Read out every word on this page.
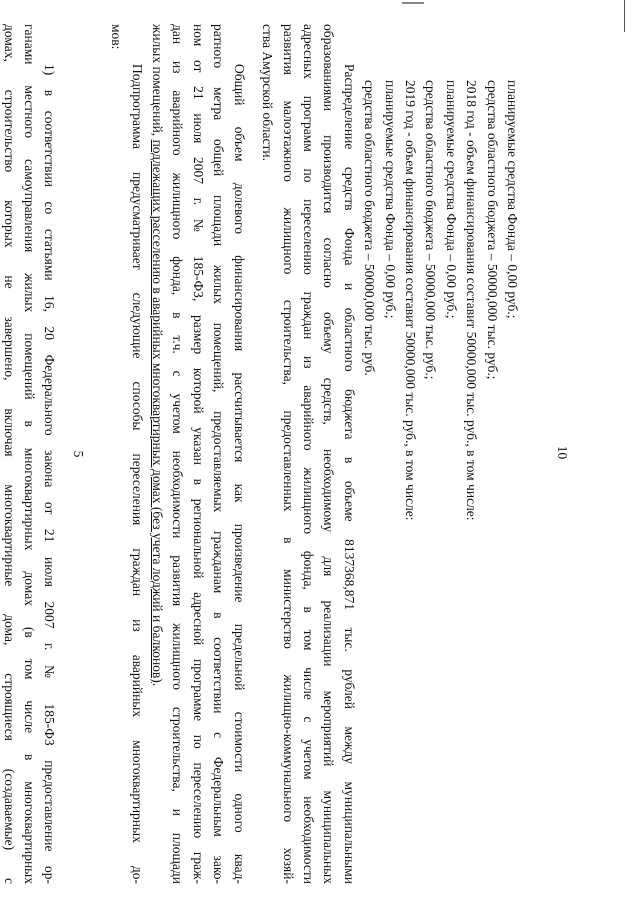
10
планируемые средства Фонда – 0,00 руб.;
средства областного бюджета – 50000,000 тыс. руб.;
2018 год - объем финансирования составит 50000,000 тыс. руб., в том числе:
планируемые средства Фонда – 0,00 руб.;
средства областного бюджета – 50000,000 тыс. руб.;
2019 год - объем финансирования составит 50000,000 тыс. руб., в том числе:
планируемые средства Фонда – 0,00 руб.;
средства областного бюджета – 50000,000 тыс. руб.
Распределение средств Фонда и областного бюджета в объеме 8137368,871 тыс. рублей между муниципальными
образованиями производится согласно объему средств, необходимому для реализации мероприятий муниципальных
адресных программ по переселению граждан из аварийного жилищного фонда, в том числе с учетом необходимости
развития малоэтажного жилищного строительства, предоставленных в министерство жилищно-коммунального хозяй-
ства Амурской области.
Общий объем долевого финансирования рассчитывается как произведение предельной стоимости одного квад-
ратного метра общей площади жилых помещений, предоставляемых гражданам в соответствии с Федеральным зако-
ном от 21 июля 2007 г. № 185-ФЗ, размер которой указан в региональной адресной программе по переселению граж-
дан из аварийного жилищного фонда, в т.ч. с учетом необходимости развития жилищного строительства, и площади
жилых помещений, подлежащих расселению в аварийных многоквартирных домах (без учета лоджий и балконов).
Подпрограмма предусматривает следующие способы переселения граждан из аварийных многоквартирных до-
мов:
5
1) в соответствии со статьями 16, 20 Федерального закона от 21 июля 2007 г. № 185-ФЗ предоставление ор-
ганами местного самоуправления жилых помещений в многоквартирных домах (в том числе в многоквартирных
домах, строительство которых не завершено, включая многоквартирные дома, строящиеся (создаваемые) с
